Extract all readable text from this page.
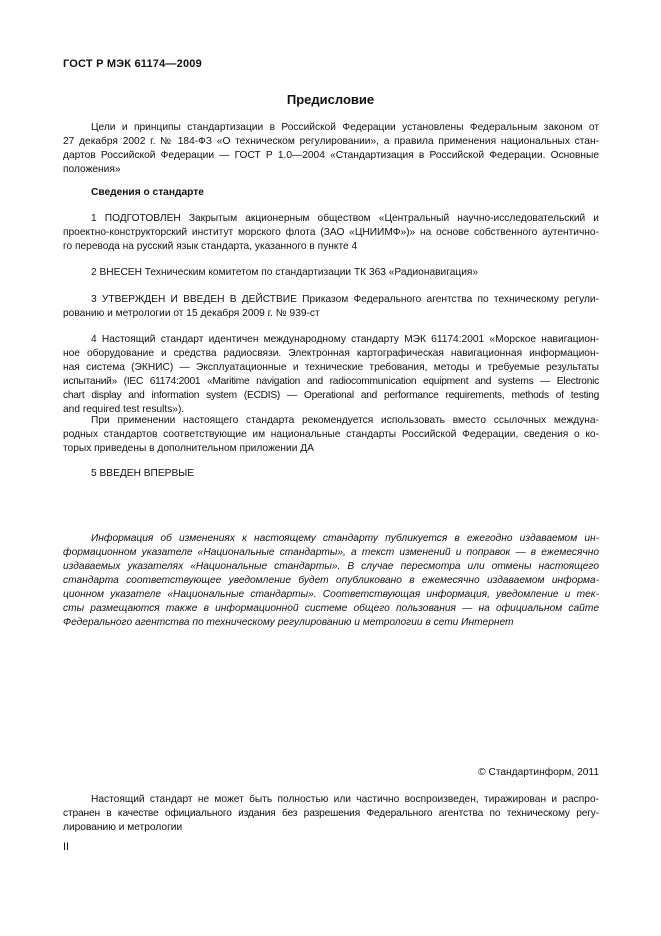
ГОСТ Р МЭК 61174—2009
Предисловие
Цели и принципы стандартизации в Российской Федерации установлены Федеральным законом от
27 декабря 2002 г. № 184-ФЗ «О техническом регулировании», а правила применения национальных стан-
дартов Российской Федерации — ГОСТ Р 1.0—2004 «Стандартизация в Российской Федерации. Основные
положения»
Сведения о стандарте
1 ПОДГОТОВЛЕН Закрытым акционерным обществом «Центральный научно-исследовательский и
проектно-конструкторский институт морского флота (ЗАО «ЦНИИМФ»)» на основе собственного аутентично-
го перевода на русский язык стандарта, указанного в пункте 4
2 ВНЕСЕН Техническим комитетом по стандартизации ТК 363 «Радионавигация»
3 УТВЕРЖДЕН И ВВЕДЕН В ДЕЙСТВИЕ Приказом Федерального агентства по техническому регули-
рованию и метрологии от 15 декабря 2009 г. № 939-ст
4 Настоящий стандарт идентичен международному стандарту МЭК 61174:2001 «Морское навигацион-
ное оборудование и средства радиосвязи. Электронная картографическая навигационная информацион-
ная система (ЭКНИС) — Эксплуатационные и технические требования, методы и требуемые результаты
испытаний» (IEC 61174:2001 «Maritime navigation and radiocommunication equipment and systems — Electronic
chart display and information system (ECDIS) — Operational and performance requirements, methods of testing
and required test results»).
При применении настоящего стандарта рекомендуется использовать вместо ссылочных междуна-
родных стандартов соответствующие им национальные стандарты Российской Федерации, сведения о ко-
торых приведены в дополнительном приложении ДА
5 ВВЕДЕН ВПЕРВЫЕ
Информация об изменениях к настоящему стандарту публикуется в ежегодно издаваемом ин-
формационном указателе «Национальные стандарты», а текст изменений и поправок — в ежемесячно
издаваемых указателях «Национальные стандарты». В случае пересмотра или отмены настоящего
стандарта соответствующее уведомление будет опубликовано в ежемесячно издаваемом информа-
ционном указателе «Национальные стандарты». Соответствующая информация, уведомление и тек-
сты размещаются также в информационной системе общего пользования — на официальном сайте
Федерального агентства по техническому регулированию и метрологии в сети Интернет
© Стандартинформ, 2011
Настоящий стандарт не может быть полностью или частично воспроизведен, тиражирован и распро-
странен в качестве официального издания без разрешения Федерального агентства по техническому регу-
лированию и метрологии
II
